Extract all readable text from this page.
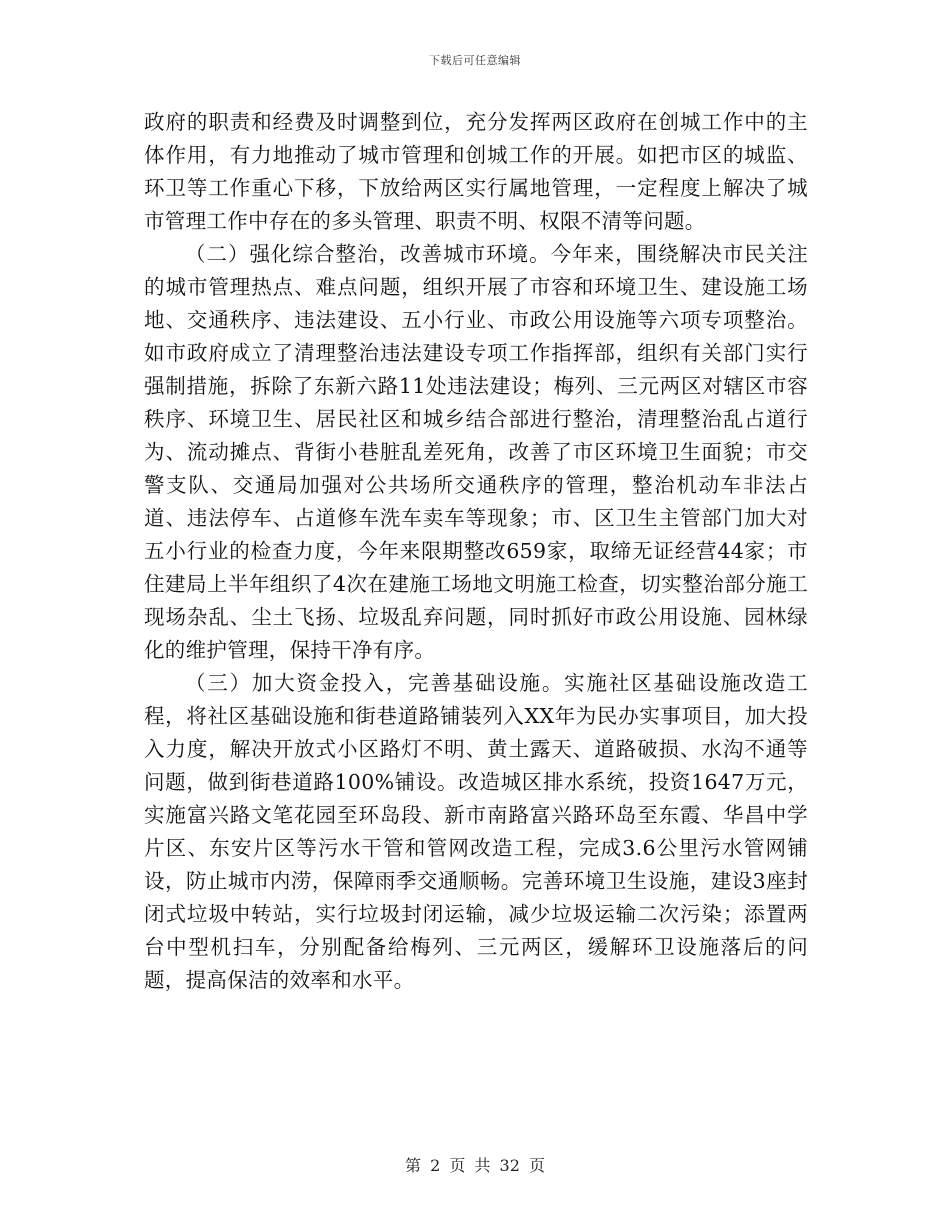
下载后可任意编辑

政府的职责和经费及时调整到位，充分发挥两区政府在创城工作中的主体作用，有力地推动了城市管理和创城工作的开展。如把市区的城监、环卫等工作重心下移，下放给两区实行属地管理，一定程度上解决了城市管理工作中存在的多头管理、职责不明、权限不清等问题。

（二）强化综合整治，改善城市环境。今年来，围绕解决市民关注的城市管理热点、难点问题，组织开展了市容和环境卫生、建设施工场地、交通秩序、违法建设、五小行业、市政公用设施等六项专项整治。如市政府成立了清理整治违法建设专项工作指挥部，组织有关部门实行强制措施，拆除了东新六路11处违法建设；梅列、三元两区对辖区市容秩序、环境卫生、居民社区和城乡结合部进行整治，清理整治乱占道行为、流动摊点、背街小巷脏乱差死角，改善了市区环境卫生面貌；市交警支队、交通局加强对公共场所交通秩序的管理，整治机动车非法占道、违法停车、占道修车洗车卖车等现象；市、区卫生主管部门加大对五小行业的检查力度，今年来限期整改659家，取缔无证经营44家；市住建局上半年组织了4次在建施工场地文明施工检查，切实整治部分施工现场杂乱、尘土飞扬、垃圾乱弃问题，同时抓好市政公用设施、园林绿化的维护管理，保持干净有序。

（三）加大资金投入，完善基础设施。实施社区基础设施改造工程，将社区基础设施和街巷道路铺装列入XX年为民办实事项目，加大投入力度，解决开放式小区路灯不明、黄土露天、道路破损、水沟不通等问题，做到街巷道路100%铺设。改造城区排水系统，投资1647万元，实施富兴路文笔花园至环岛段、新市南路富兴路环岛至东霞、华昌中学片区、东安片区等污水干管和管网改造工程，完成3.6公里污水管网铺设，防止城市内涝，保障雨季交通顺畅。完善环境卫生设施，建设3座封闭式垃圾中转站，实行垃圾封闭运输，减少垃圾运输二次污染；添置两台中型机扫车，分别配备给梅列、三元两区，缓解环卫设施落后的问题，提高保洁的效率和水平。

第 2 页 共 32 页
